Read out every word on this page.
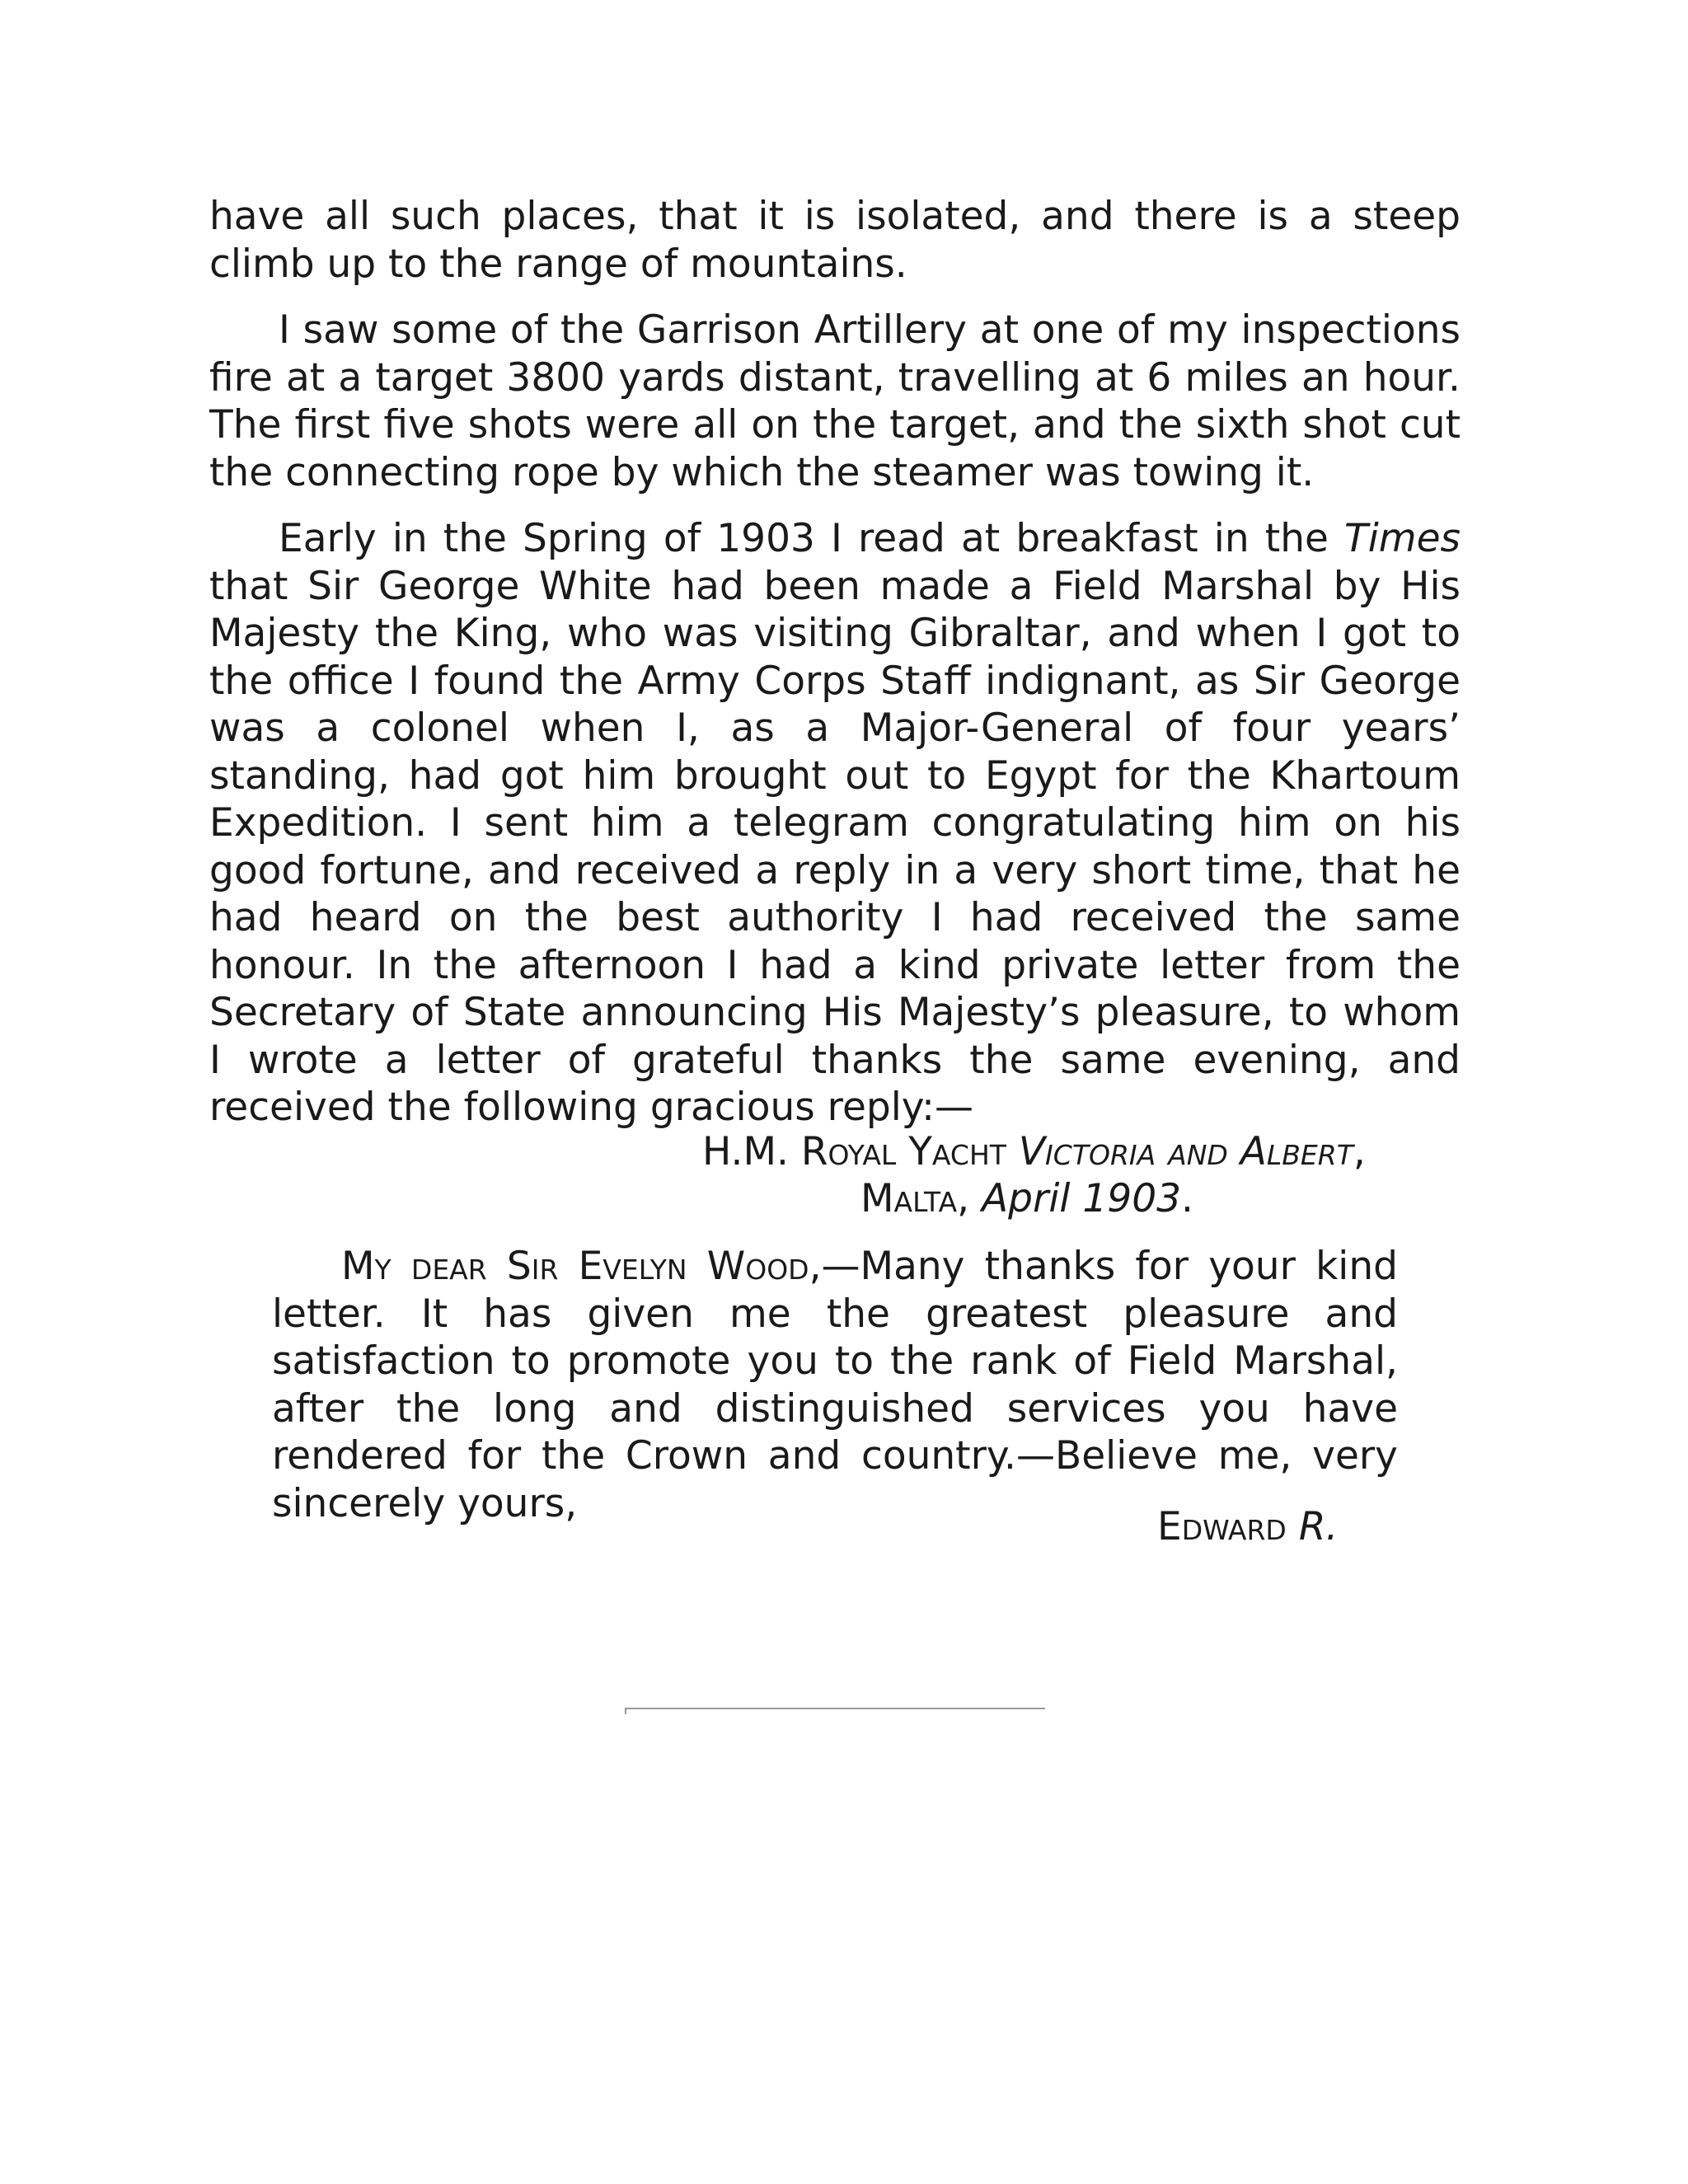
have all such places, that it is isolated, and there is a steep climb up to the range of mountains.

I saw some of the Garrison Artillery at one of my inspections fire at a target 3800 yards distant, travelling at 6 miles an hour. The first five shots were all on the target, and the sixth shot cut the connecting rope by which the steamer was towing it.

Early in the Spring of 1903 I read at breakfast in the Times that Sir George White had been made a Field Marshal by His Majesty the King, who was visiting Gibraltar, and when I got to the office I found the Army Corps Staff indignant, as Sir George was a colonel when I, as a Major-General of four years’ standing, had got him brought out to Egypt for the Khartoum Expedition. I sent him a telegram congratulating him on his good fortune, and received a reply in a very short time, that he had heard on the best authority I had received the same honour. In the afternoon I had a kind private letter from the Secretary of State announcing His Majesty’s pleasure, to whom I wrote a letter of grateful thanks the same evening, and received the following gracious reply:—

H.M. Royal Yacht Victoria and Albert,
Malta, April 1903.

My dear Sir Evelyn Wood,—Many thanks for your kind letter. It has given me the greatest pleasure and satisfaction to promote you to the rank of Field Marshal, after the long and distinguished services you have rendered for the Crown and country.—Believe me, very sincerely yours,

Edward R.
